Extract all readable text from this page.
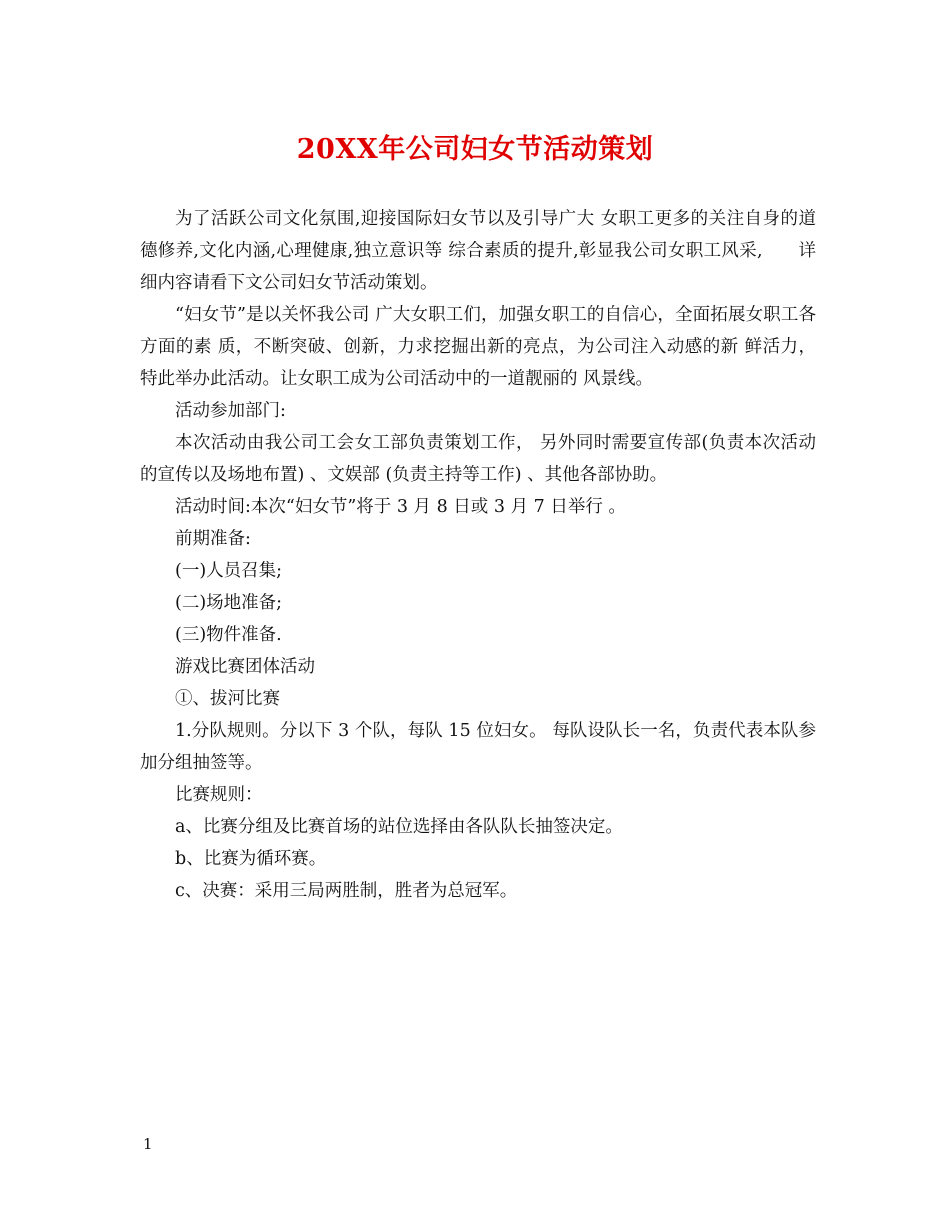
20XX年公司妇女节活动策划

为了活跃公司文化氛围,迎接国际妇女节以及引导广大 女职工更多的关注自身的道德修养,文化内涵,心理健康,独立意识等 综合素质的提升,彰显我公司女职工风采,　　详细内容请看下文公司妇女节活动策划。

“妇女节”是以关怀我公司 广大女职工们，加强女职工的自信心，全面拓展女职工各方面的素 质，不断突破、创新，力求挖掘出新的亮点，为公司注入动感的新 鲜活力，特此举办此活动。让女职工成为公司活动中的一道靓丽的 风景线。

活动参加部门:

本次活动由我公司工会女工部负责策划工作， 另外同时需要宣传部(负责本次活动的宣传以及场地布置) 、文娱部 (负责主持等工作) 、其他各部协助。

活动时间:本次“妇女节”将于 3 月 8 日或 3 月 7 日举行 。

前期准备:

(一)人员召集;

(二)场地准备;

(三)物件准备.

游戏比赛团体活动

①、拔河比赛

1.分队规则。分以下 3 个队，每队 15 位妇女。 每队设队长一名，负责代表本队参加分组抽签等。

比赛规则：

a、比赛分组及比赛首场的站位选择由各队队长抽签决定。

b、比赛为循环赛。

c、决赛：采用三局两胜制，胜者为总冠军。

1
